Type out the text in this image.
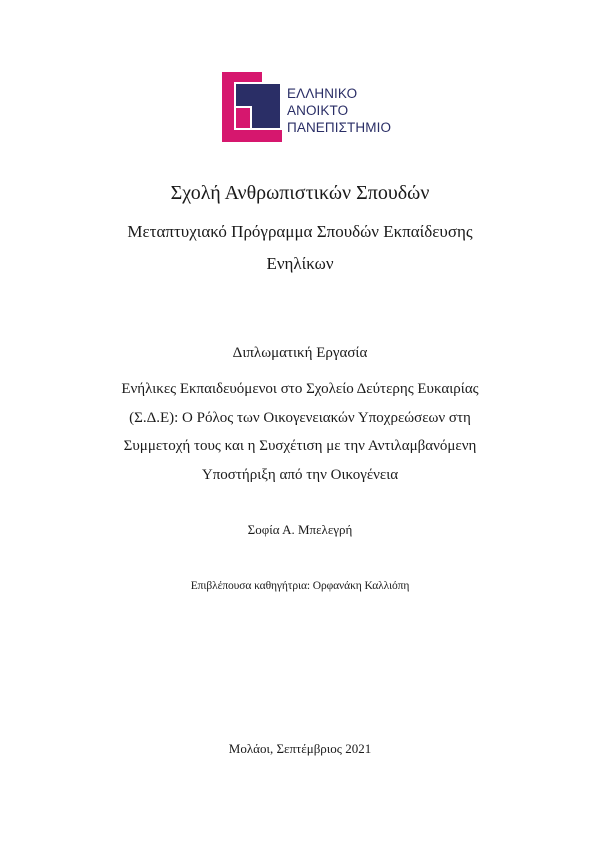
ΕΛΛΗΝΙΚΟ
ΑΝΟΙΚΤΟ
ΠΑΝΕΠΙΣΤΗΜΙΟ
Σχολή Ανθρωπιστικών Σπουδών
Μεταπτυχιακό Πρόγραμμα Σπουδών Εκπαίδευσης
Ενηλίκων
Διπλωματική Εργασία
Ενήλικες Εκπαιδευόμενοι στο Σχολείο Δεύτερης Ευκαιρίας
(Σ.Δ.Ε): Ο Ρόλος των Οικογενειακών Υποχρεώσεων στη
Συμμετοχή τους και η Συσχέτιση με την Αντιλαμβανόμενη
Υποστήριξη από την Οικογένεια
Σοφία Α. Μπελεγρή
Επιβλέπουσα καθηγήτρια: Ορφανάκη Καλλιόπη
Μολάοι, Σεπτέμβριος 2021
